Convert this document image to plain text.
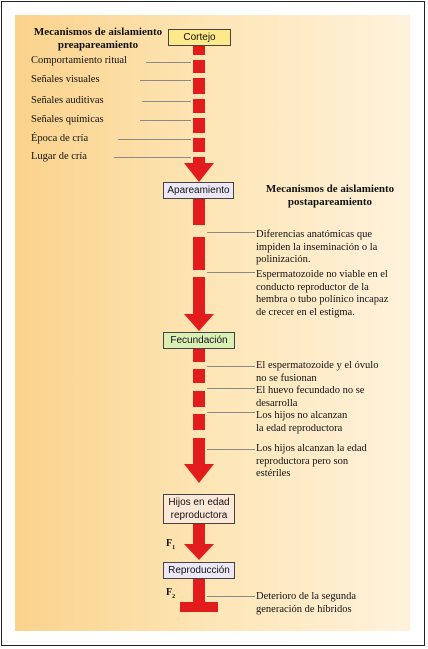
Mecanismos de aislamiento
preapareamiento
Comportamiento ritual
Señales visuales
Señales auditivas
Señales químicas
Época de cría
Lugar de cría
Cortejo
Apareamiento
Fecundación
Hijos en edad
reproductora
Reproducción
$F_1$
$F_2$
Mecanismos de aislamiento
postapareamiento
Diferencias anatómicas que
impiden la inseminación o la
polinización.
Espermatozoide no viable en el
conducto reproductor de la
hembra o tubo polínico incapaz
de crecer en el estigma.
El espermatozoide y el óvulo
no se fusionan
El huevo fecundado no se
desarrolla
Los hijos no alcanzan
la edad reproductora
Los hijos alcanzan la edad
reproductora pero son
estériles
Deterioro de la segunda
generación de híbridos
